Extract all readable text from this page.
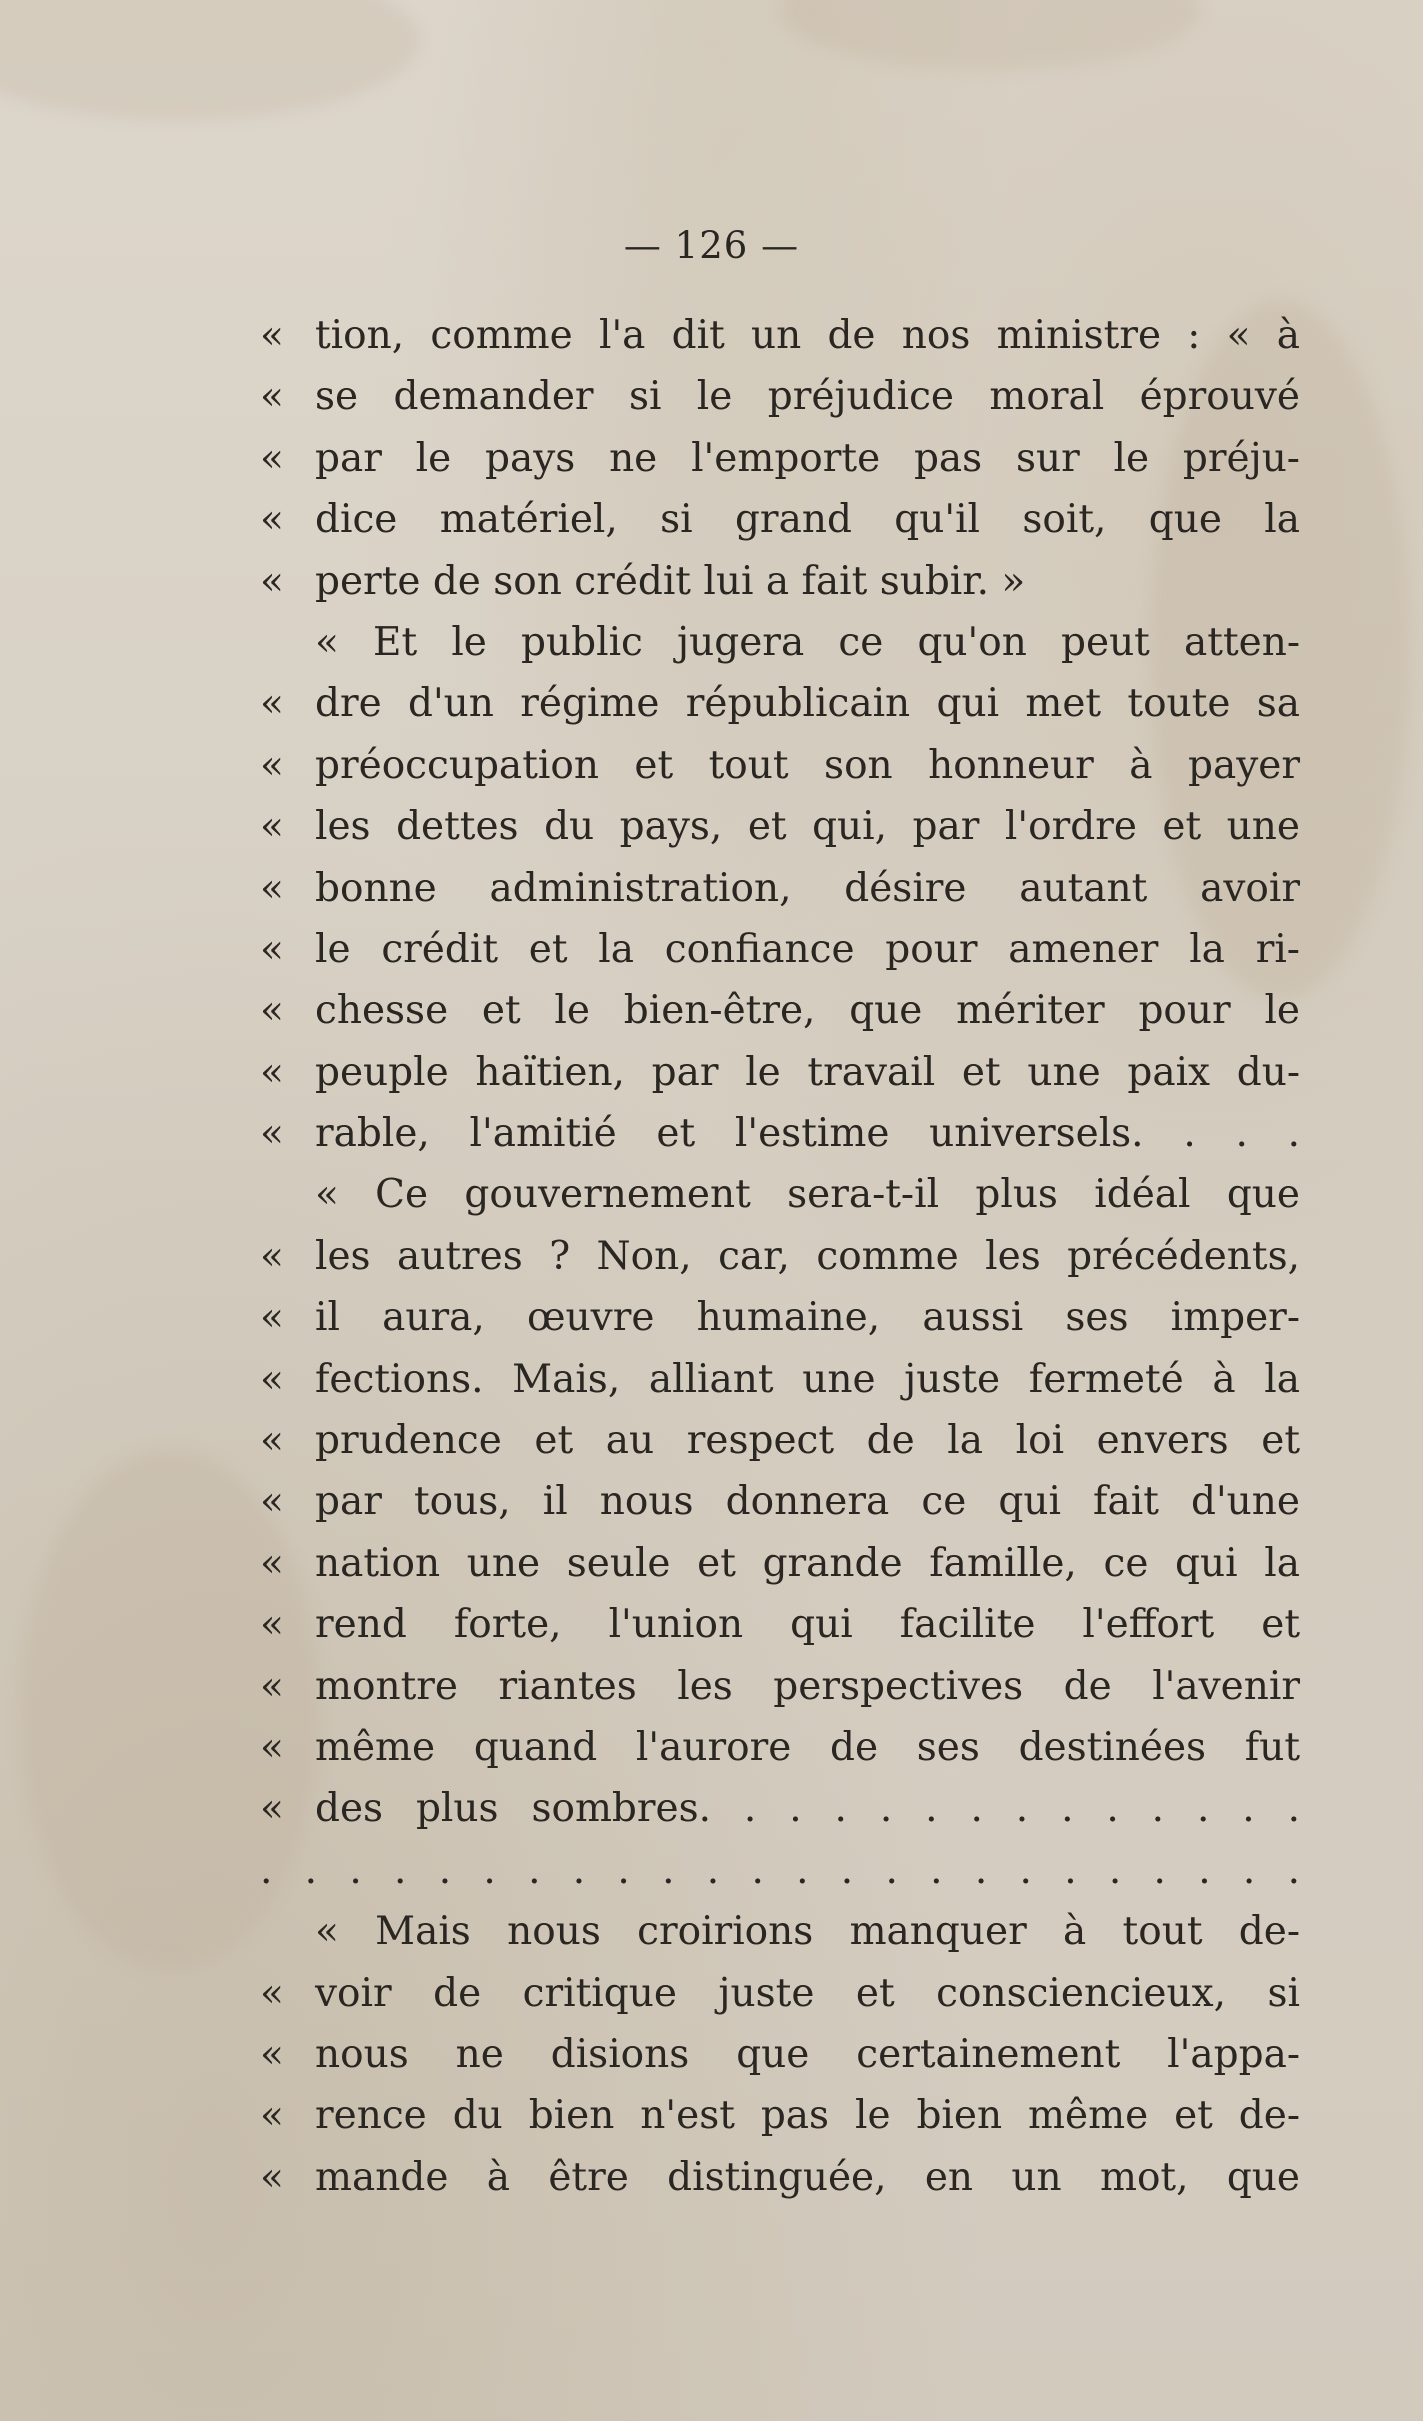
— 126 —
« tion, comme l'a dit un de nos ministre : « à
« se demander si le préjudice moral éprouvé
« par le pays ne l'emporte pas sur le préju-
« dice matériel, si grand qu'il soit, que la
« perte de son crédit lui a fait subir. »
« Et le public jugera ce qu'on peut atten-
« dre d'un régime républicain qui met toute sa
« préoccupation et tout son honneur à payer
« les dettes du pays, et qui, par l'ordre et une
« bonne administration, désire autant avoir
« le crédit et la confiance pour amener la ri-
« chesse et le bien-être, que mériter pour le
« peuple haïtien, par le travail et une paix du-
« rable, l'amitié et l'estime universels. . . .
« Ce gouvernement sera-t-il plus idéal que
« les autres ? Non, car, comme les précédents,
« il aura, œuvre humaine, aussi ses imper-
« fections. Mais, alliant une juste fermeté à la
« prudence et au respect de la loi envers et
« par tous, il nous donnera ce qui fait d'une
« nation une seule et grande famille, ce qui la
« rend forte, l'union qui facilite l'effort et
« montre riantes les perspectives de l'avenir
« même quand l'aurore de ses destinées fut
« des plus sombres. . . . . . . . . . . . . .
. . . . . . . . . . . . . . . . . . . . . . . .
« Mais nous croirions manquer à tout de-
« voir de critique juste et consciencieux, si
« nous ne disions que certainement l'appa-
« rence du bien n'est pas le bien même et de-
« mande à être distinguée, en un mot, que
